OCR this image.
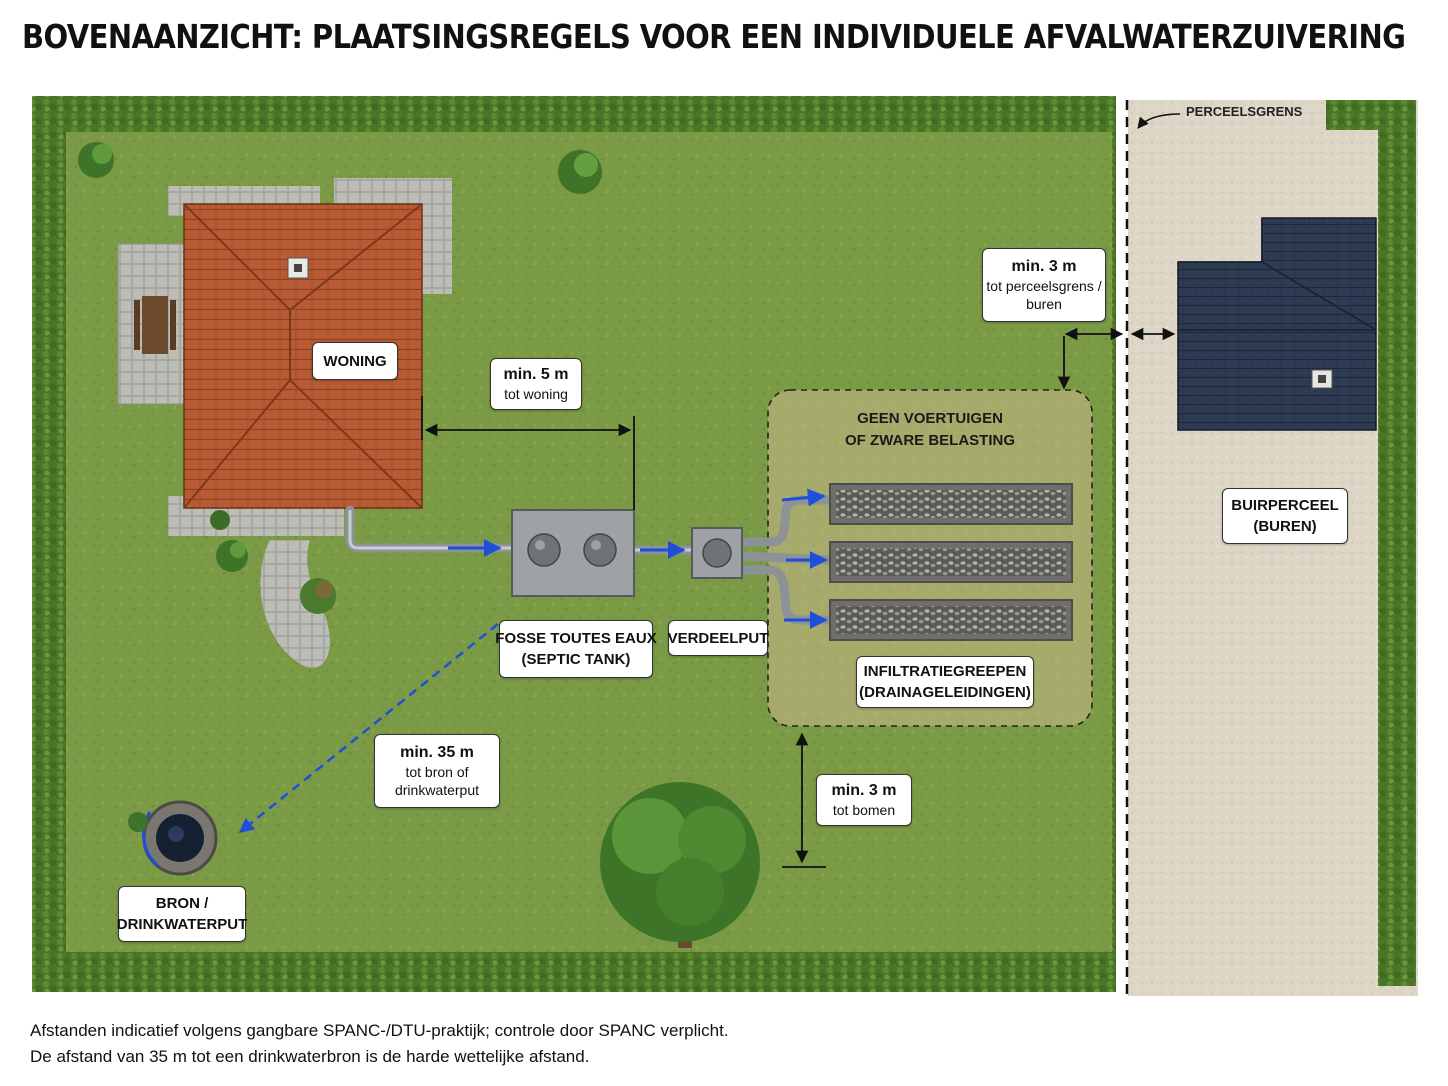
BOVENAANZICHT: PLAATSINGSREGELS VOOR EEN INDIVIDUELE AFVALWATERZUIVERING
PERCEELSGRENS
WONING
min. 5 m
tot woning
FOSSE TOUTES EAUX
(SEPTIC TANK)
VERDEELPUT
GEEN VOERTUIGEN
OF ZWARE BELASTING
INFILTRATIEGREEPEN
(DRAINAGELEIDINGEN)
min. 3 m
tot perceelsgrens /
buren
BUIRPERCEEL
(BUREN)
min. 35 m
tot bron of
drinkwaterput	min. 3 m
tot bomen
BRON /
DRINKWATERPUT
Afstanden indicatief volgens gangbare SPANC-/DTU-praktijk; controle door SPANC verplicht.
De afstand van 35 m tot een drinkwaterbron is de harde wettelijke afstand.
